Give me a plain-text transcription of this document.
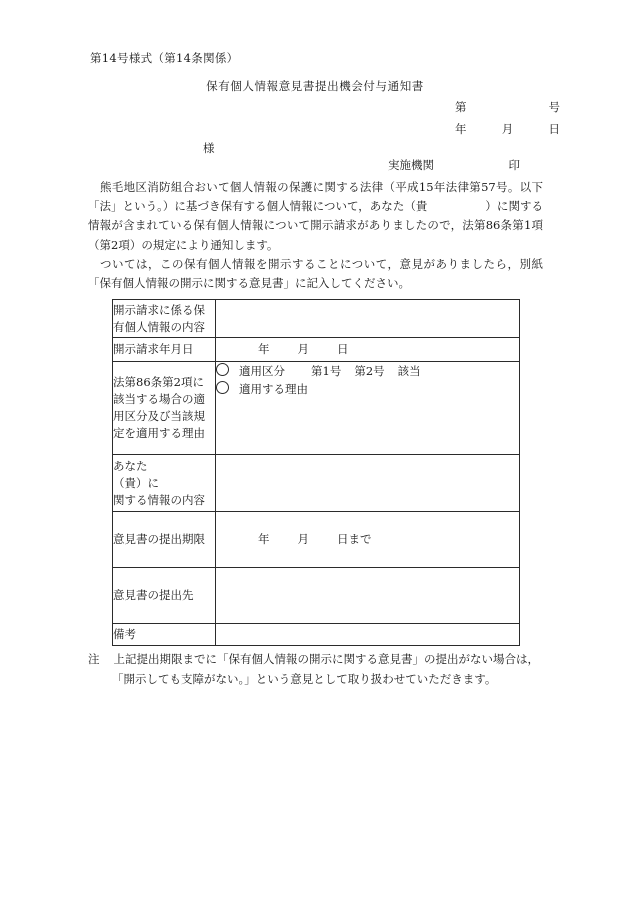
第14号様式（第14条関係）
保有個人情報意見書提出機会付与通知書
第	号
年	月	日
様
実施機関	印

熊毛地区消防組合おいて個人情報の保護に関する法律（平成15年法律第57号。以下「法」という。）に基づき保有する個人情報について，あなた（貴	）に関する情報が含まれている保有個人情報について開示請求がありましたので，法第86条第1項（第2項）の規定により通知します。

ついては，この保有個人情報を開示することについて，意見がありましたら，別紙「保有個人情報の開示に関する意見書」に記入してください。

開示請求に係る保
有個人情報の内容	

開示請求年月日	年 月 日

法第86条第2項に
該当する場合の適
用区分及び当該規
定を適用する理由	適用区分 第1号 第2号 該当
適用する理由

あなた
（貴）に
関する情報の内容	

意見書の提出期限	年 月 日まで

意見書の提出先	

備考	

注 上記提出期限までに「保有個人情報の開示に関する意見書」の提出がない場合は，
「開示しても支障がない。」という意見として取り扱わせていただきます。
